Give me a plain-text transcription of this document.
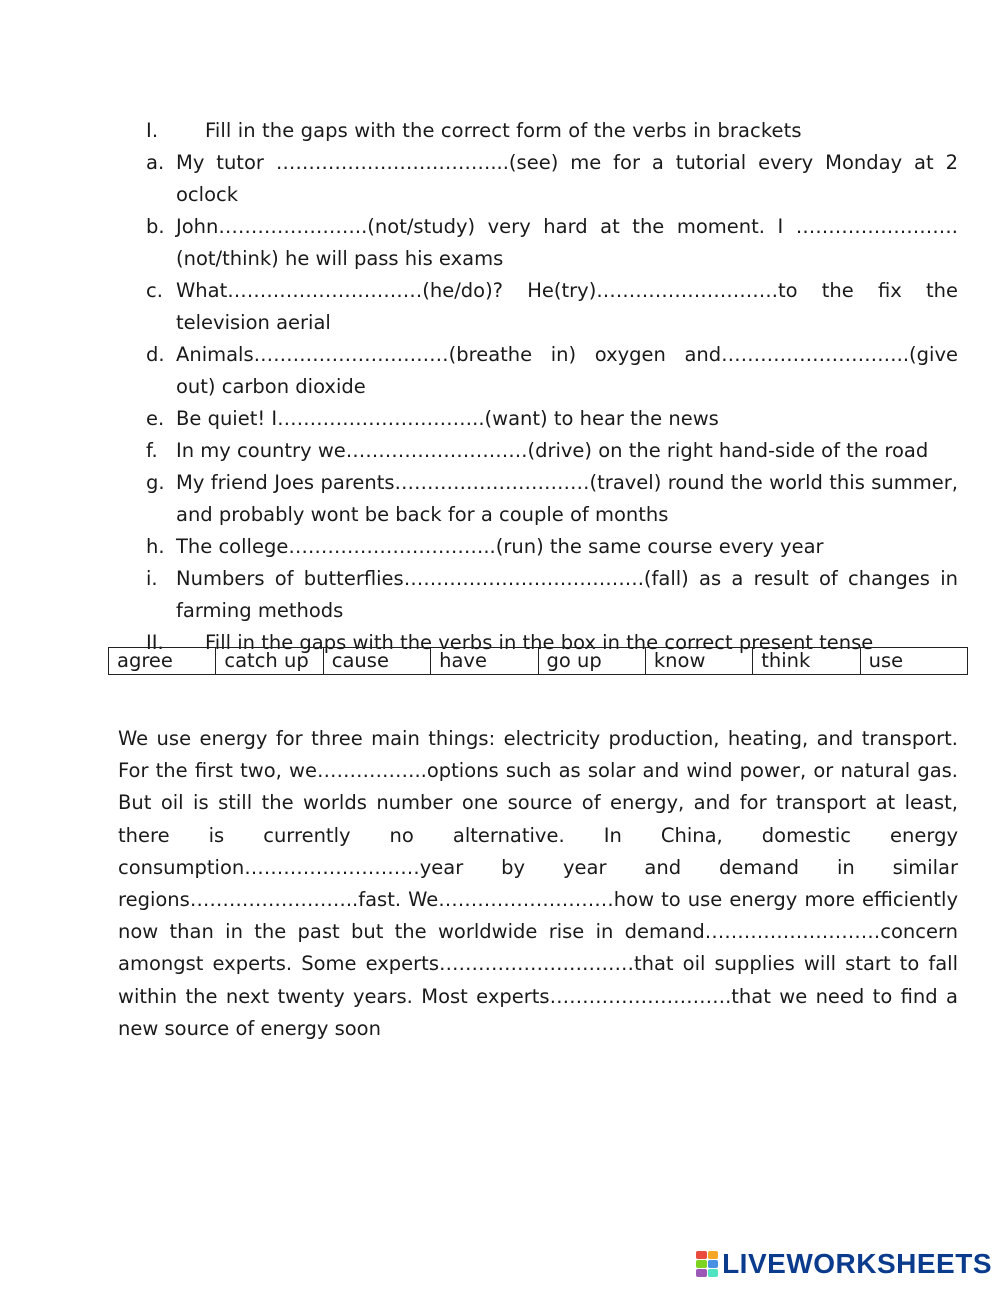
I. Fill in the gaps with the correct form of the verbs in brackets
a. My tutor ……………………………...(see) me for a tutorial every Monday at 2 oclock
b. John…………………..(not/study) very hard at the moment. I …………………….(not/think) he will pass his exams
c. What…………………………(he/do)? He(try)……………………….to the fix the television aerial
d. Animals…………………………(breathe in) oxygen and………………………..(give out) carbon dioxide
e. Be quiet! I…………………………..(want) to hear the news
f. In my country we……………………….(drive) on the right hand-side of the road
g. My friend Joes parents…………………………(travel) round the world this summer, and probably wont be back for a couple of months
h. The college…………………………..(run) the same course every year
i. Numbers of butterflies……………………………….(fall) as a result of changes in farming methods
II.	Fill in the gaps with the verbs in the box in the correct present tense
agree	catch up	cause	have	go up	know	think	use
We use energy for three main things: electricity production, heating, and transport. For the first two, we……………..options such as solar and wind power, or natural gas. But oil is still the worlds number one source of energy, and for transport at least, there is currently no alternative. In China, domestic energy consumption………………………year by year and demand in similar regions……………………..fast. We………………………how to use energy more efficiently now than in the past but the worldwide rise in demand………………………concern amongst experts. Some experts…………………………that oil supplies will start to fall within the next twenty years. Most experts……………………….that we need to find a new source of energy soon
LIVEWORKSHEETS
